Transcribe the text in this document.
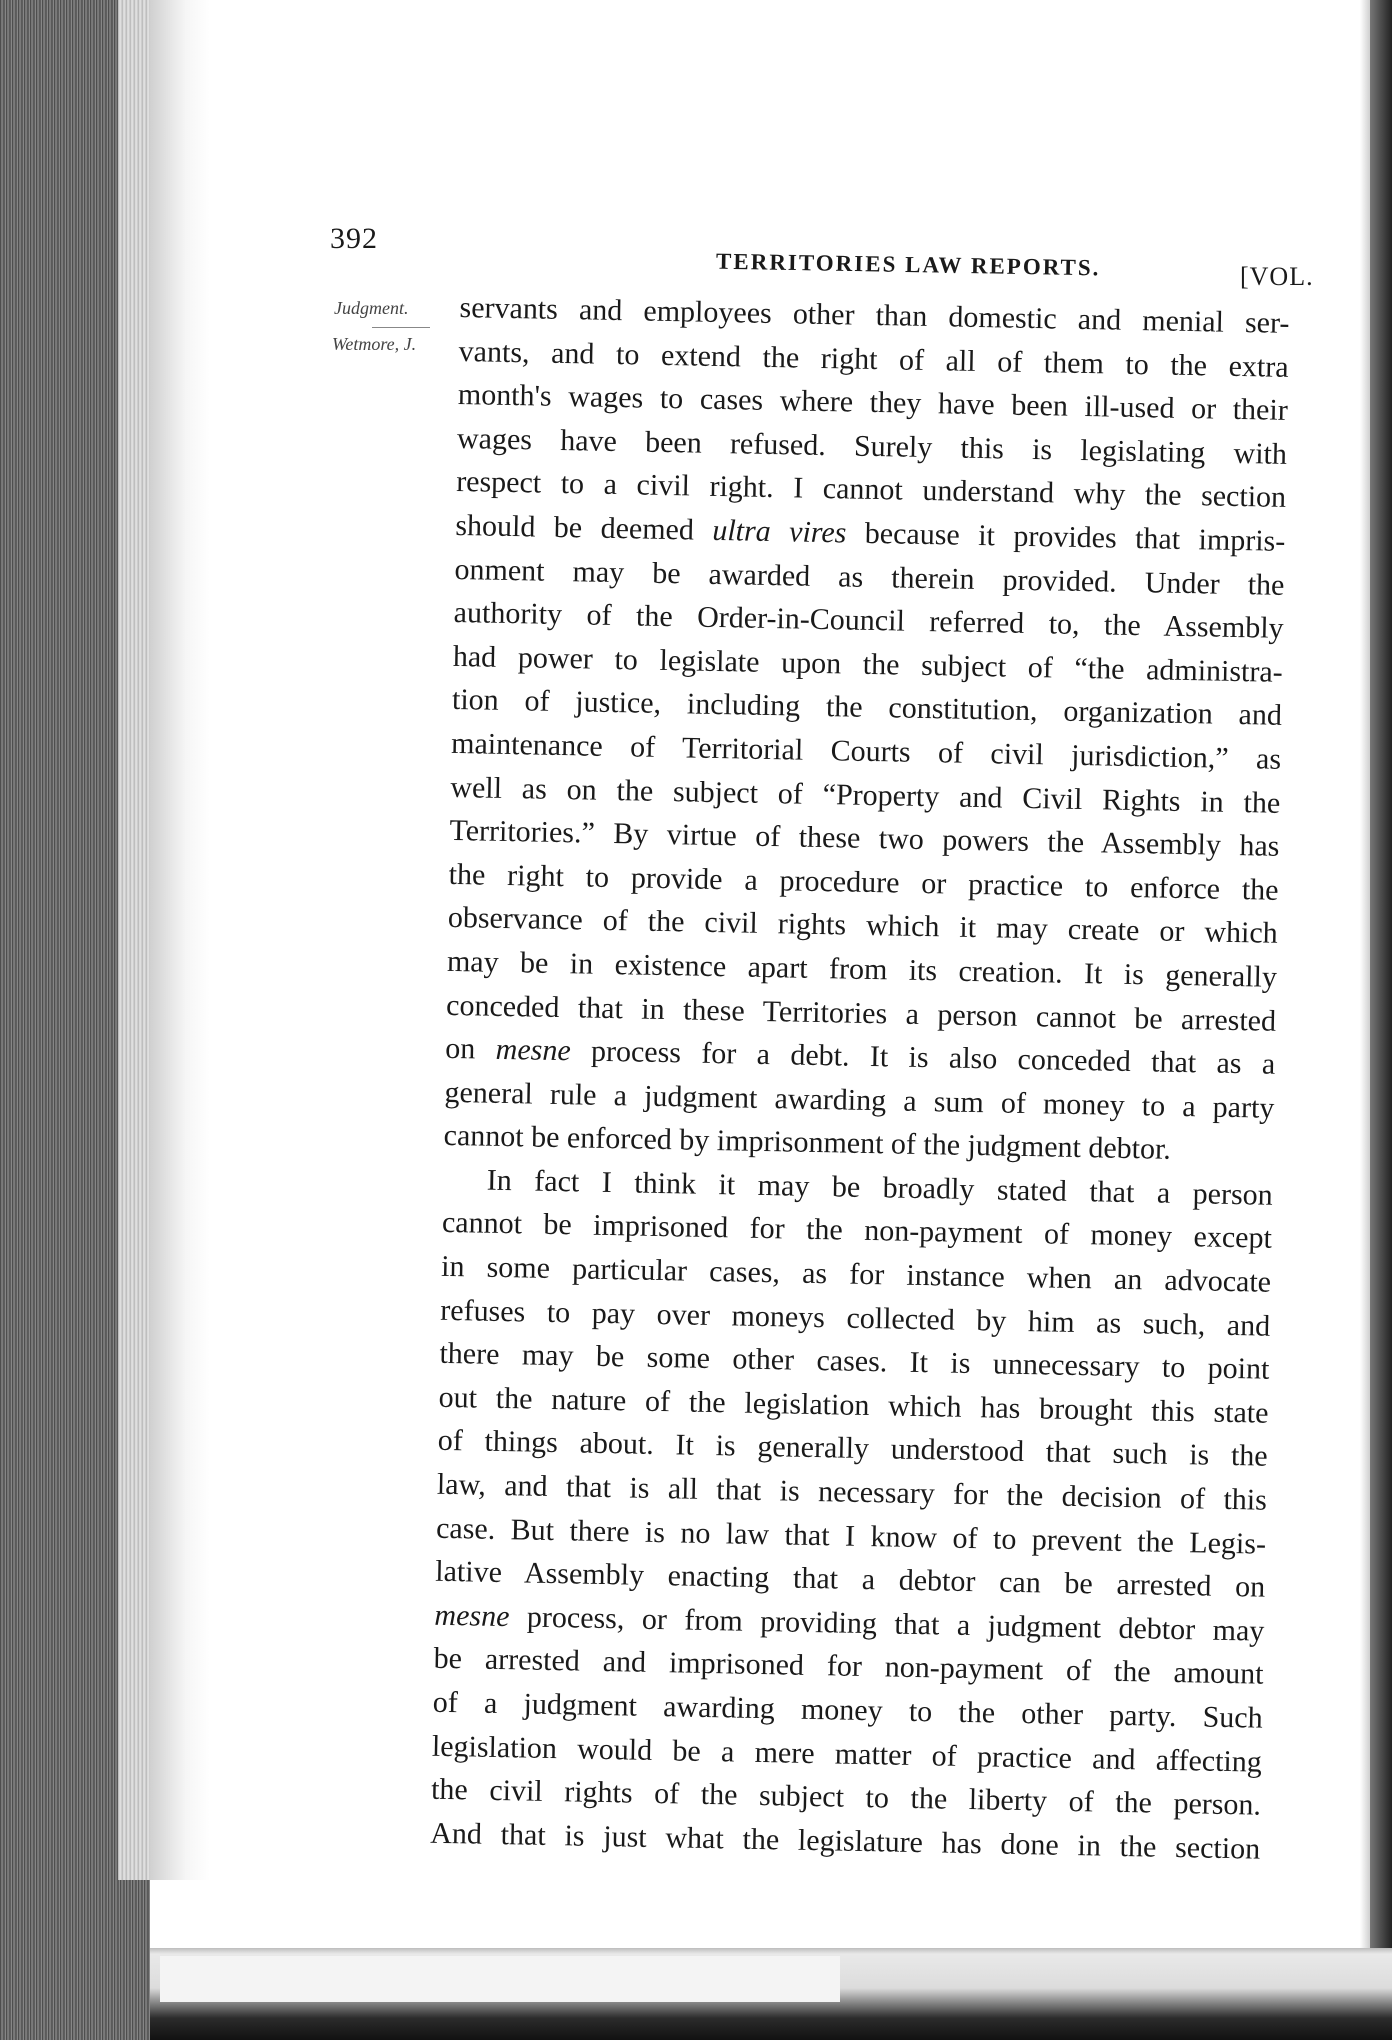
392
TERRITORIES LAW REPORTS.	[VOL.
Judgment.
Wetmore, J.
servants and employees other than domestic and menial ser-
vants, and to extend the right of all of them to the extra
month's wages to cases where they have been ill-used or their
wages have been refused. Surely this is legislating with
respect to a civil right. I cannot understand why the section
should be deemed ultra vires because it provides that impris-
onment may be awarded as therein provided. Under the
authority of the Order-in-Council referred to, the Assembly
had power to legislate upon the subject of “the administra-
tion of justice, including the constitution, organization and
maintenance of Territorial Courts of civil jurisdiction,” as
well as on the subject of “Property and Civil Rights in the
Territories.” By virtue of these two powers the Assembly has
the right to provide a procedure or practice to enforce the
observance of the civil rights which it may create or which
may be in existence apart from its creation. It is generally
conceded that in these Territories a person cannot be arrested
on mesne process for a debt. It is also conceded that as a
general rule a judgment awarding a sum of money to a party
cannot be enforced by imprisonment of the judgment debtor.
In fact I think it may be broadly stated that a person
cannot be imprisoned for the non-payment of money except
in some particular cases, as for instance when an advocate
refuses to pay over moneys collected by him as such, and
there may be some other cases. It is unnecessary to point
out the nature of the legislation which has brought this state
of things about. It is generally understood that such is the
law, and that is all that is necessary for the decision of this
case. But there is no law that I know of to prevent the Legis-
lative Assembly enacting that a debtor can be arrested on
mesne process, or from providing that a judgment debtor may
be arrested and imprisoned for non-payment of the amount
of a judgment awarding money to the other party. Such
legislation would be a mere matter of practice and affecting
the civil rights of the subject to the liberty of the person.
And that is just what the legislature has done in the section
